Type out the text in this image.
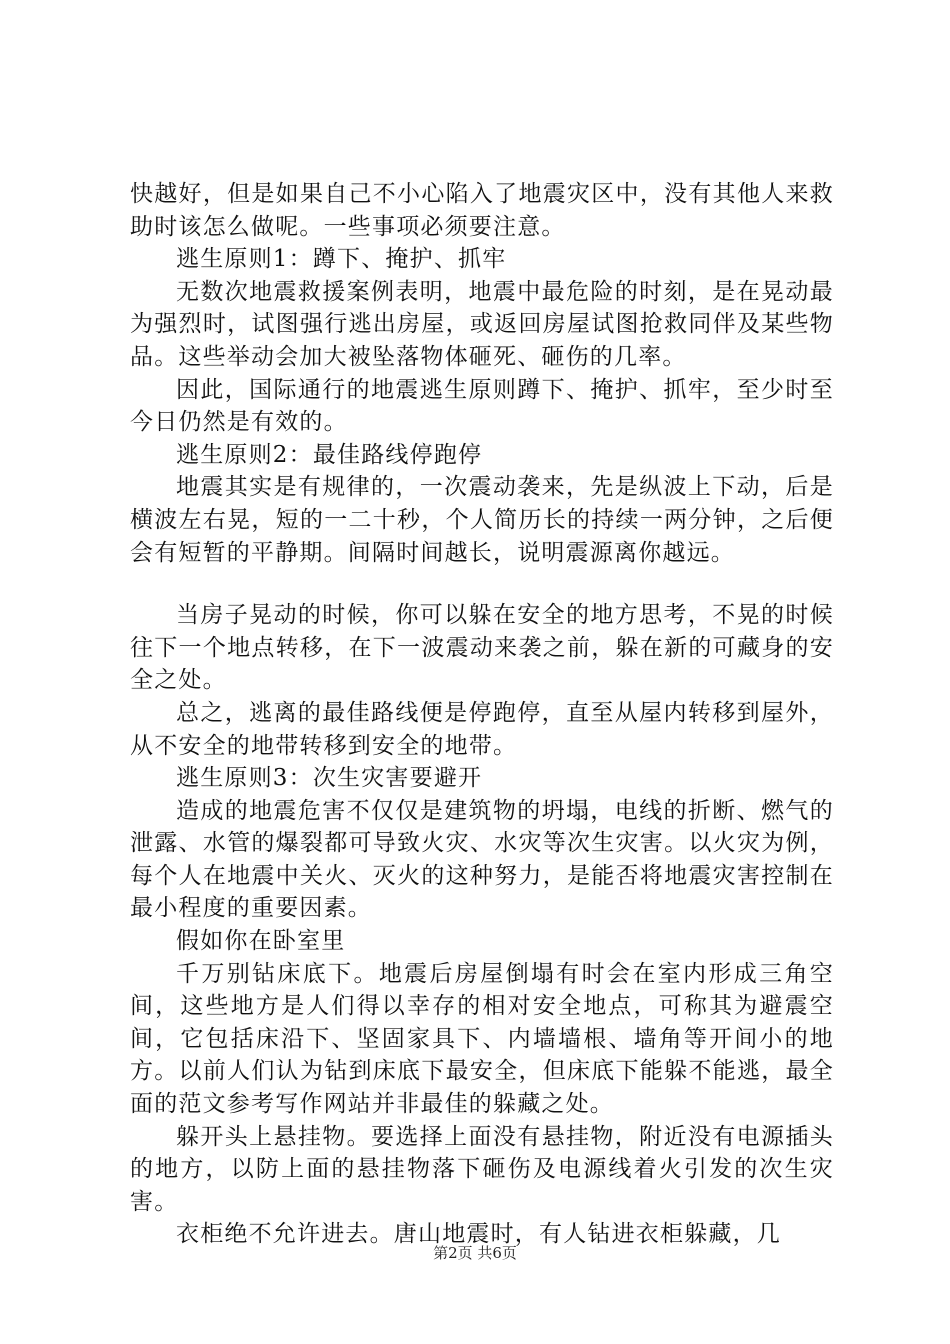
快越好，但是如果自己不小心陷入了地震灾区中，没有其他人来救助时该怎么做呢。一些事项必须要注意。

逃生原则1：蹲下、掩护、抓牢

无数次地震救援案例表明，地震中最危险的时刻，是在晃动最为强烈时，试图强行逃出房屋，或返回房屋试图抢救同伴及某些物品。这些举动会加大被坠落物体砸死、砸伤的几率。

因此，国际通行的地震逃生原则蹲下、掩护、抓牢，至少时至今日仍然是有效的。

逃生原则2：最佳路线停跑停

地震其实是有规律的，一次震动袭来，先是纵波上下动，后是横波左右晃，短的一二十秒，个人简历长的持续一两分钟，之后便会有短暂的平静期。间隔时间越长，说明震源离你越远。

当房子晃动的时候，你可以躲在安全的地方思考，不晃的时候往下一个地点转移，在下一波震动来袭之前，躲在新的可藏身的安全之处。

总之，逃离的最佳路线便是停跑停，直至从屋内转移到屋外，从不安全的地带转移到安全的地带。

逃生原则3：次生灾害要避开

造成的地震危害不仅仅是建筑物的坍塌，电线的折断、燃气的泄露、水管的爆裂都可导致火灾、水灾等次生灾害。以火灾为例，每个人在地震中关火、灭火的这种努力，是能否将地震灾害控制在最小程度的重要因素。

假如你在卧室里

千万别钻床底下。地震后房屋倒塌有时会在室内形成三角空间，这些地方是人们得以幸存的相对安全地点，可称其为避震空间，它包括床沿下、坚固家具下、内墙墙根、墙角等开间小的地方。以前人们认为钻到床底下最安全，但床底下能躲不能逃，最全面的范文参考写作网站并非最佳的躲藏之处。

躲开头上悬挂物。要选择上面没有悬挂物，附近没有电源插头的地方，以防上面的悬挂物落下砸伤及电源线着火引发的次生灾害。

衣柜绝不允许进去。唐山地震时，有人钻进衣柜躲藏，几

第2页 共6页
